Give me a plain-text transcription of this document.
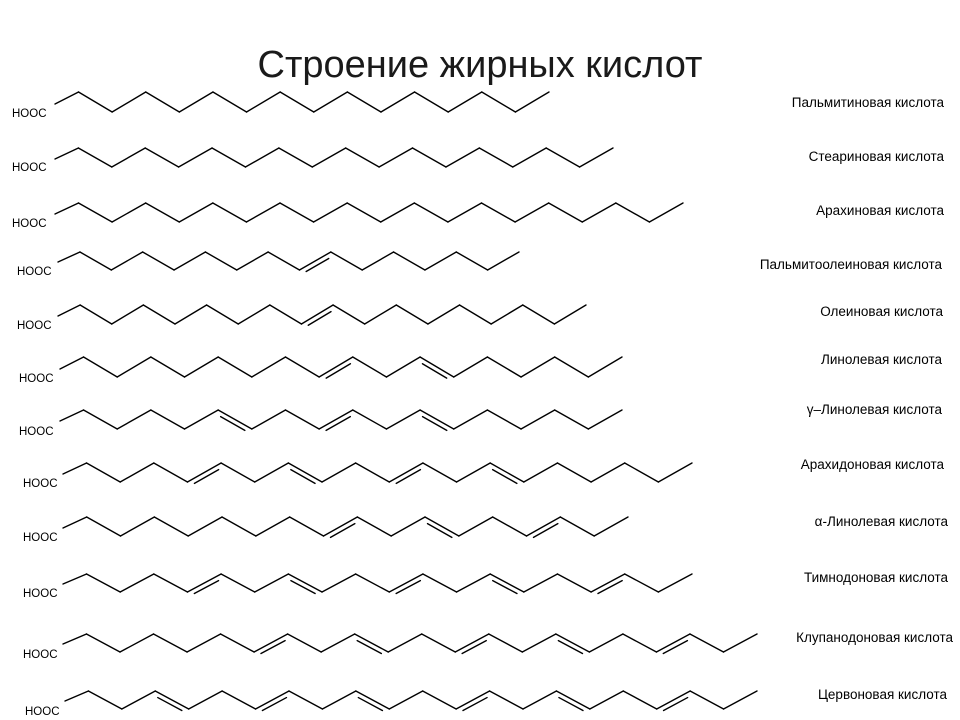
Строение жирных кислот
HOOC
Пальмитиновая кислота
HOOC
Стеариновая кислота
HOOC
Арахиновая кислота
HOOC	Пальмитоолеиновая кислота
HOOC
Олеиновая кислота
HOOC
Линолевая кислота
HOOC
γ–Линолевая кислота
HOOC
Арахидоновая кислота
HOOC
α-Линолевая кислота
HOOC
Тимнодоновая кислота
HOOC
Клупанодоновая кислота
HOOC
Цервоновая кислота
